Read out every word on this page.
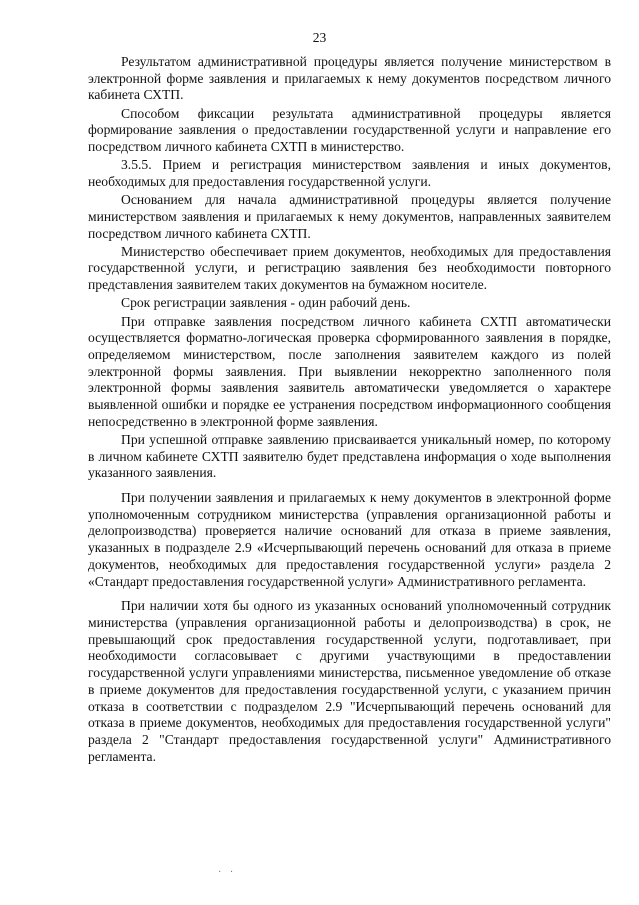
23

Результатом административной процедуры является получение министерством в электронной форме заявления и прилагаемых к нему документов посредством личного кабинета СХТП.

Способом фиксации результата административной процедуры является формирование заявления о предоставлении государственной услуги и направление его посредством личного кабинета СХТП в министерство.

3.5.5. Прием и регистрация министерством заявления и иных документов, необходимых для предоставления государственной услуги.

Основанием для начала административной процедуры является получение министерством заявления и прилагаемых к нему документов, направленных заявителем посредством личного кабинета СХТП.

Министерство обеспечивает прием документов, необходимых для предоставления государственной услуги, и регистрацию заявления без необходимости повторного представления заявителем таких документов на бумажном носителе.

Срок регистрации заявления - один рабочий день.

При отправке заявления посредством личного кабинета СХТП автоматически осуществляется форматно-логическая проверка сформированного заявления в порядке, определяемом министерством, после заполнения заявителем каждого из полей электронной формы заявления. При выявлении некорректно заполненного поля электронной формы заявления заявитель автоматически уведомляется о характере выявленной ошибки и порядке ее устранения посредством информационного сообщения непосредственно в электронной форме заявления.

При успешной отправке заявлению присваивается уникальный номер, по которому в личном кабинете СХТП заявителю будет представлена информация о ходе выполнения указанного заявления.

При получении заявления и прилагаемых к нему документов в электронной форме уполномоченным сотрудником министерства (управления организационной работы и делопроизводства) проверяется наличие оснований для отказа в приеме заявления, указанных в подразделе 2.9 «Исчерпывающий перечень оснований для отказа в приеме документов, необходимых для предоставления государственной услуги» раздела 2 «Стандарт предоставления государственной услуги» Административного регламента.

При наличии хотя бы одного из указанных оснований уполномоченный сотрудник министерства (управления организационной работы и делопроизводства) в срок, не превышающий срок предоставления государственной услуги, подготавливает, при необходимости согласовывает с другими участвующими в предоставлении государственной услуги управлениями министерства, письменное уведомление об отказе в приеме документов для предоставления государственной услуги, с указанием причин отказа в соответствии с подразделом 2.9 "Исчерпывающий перечень оснований для отказа в приеме документов, необходимых для предоставления государственной услуги" раздела 2 "Стандарт предоставления государственной услуги" Административного регламента.

· ·
